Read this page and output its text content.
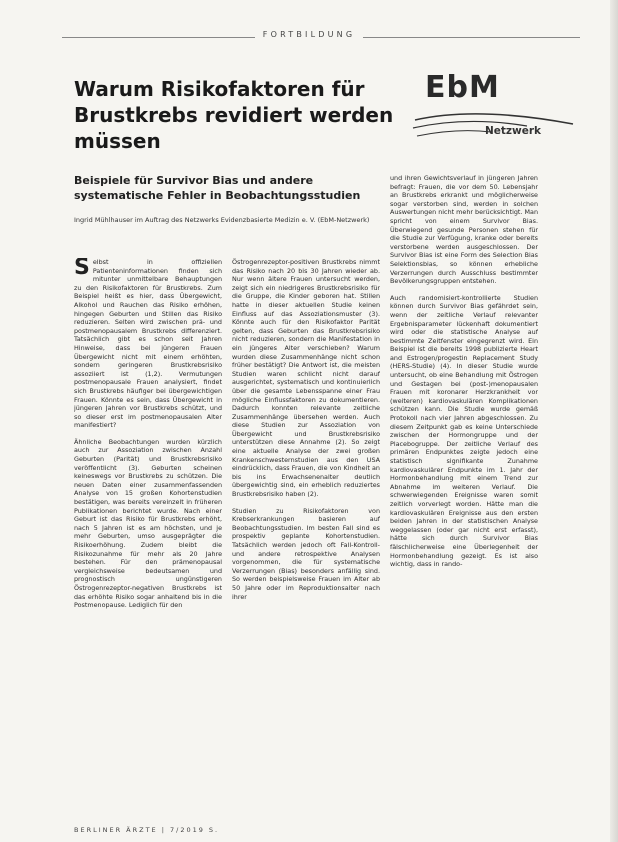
FORTBILDUNG
Warum Risikofaktoren für Brustkrebs revidiert werden müssen
Beispiele für Survivor Bias und andere systematische Fehler in Beobachtungsstudien

Ingrid Mühlhauser im Auftrag des Netzwerks Evidenzbasierte Medizin e. V. (EbM-Netzwerk)

EbM
Netzwerk

Selbst in offiziellen Patienteninformationen finden sich mitunter unmittelbare Behauptungen zu den Risikofaktoren für Brustkrebs. Zum Beispiel heißt es hier, dass Übergewicht, Alkohol und Rauchen das Risiko erhöhen, hingegen Geburten und Stillen das Risiko reduzieren. Selten wird zwischen prä- und postmenopausalem Brustkrebs differenziert. Tatsächlich gibt es schon seit Jahren Hinweise, dass bei jüngeren Frauen Übergewicht nicht mit einem erhöhten, sondern geringeren Brustkrebsrisiko assoziiert ist (1,2). Vermutungen postmenopausale Frauen analysiert, findet sich Brustkrebs häufiger bei übergewichtigen Frauen. Könnte es sein, dass Übergewicht in jüngeren Jahren vor Brustkrebs schützt, und so dieser erst im postmenopausalen Alter manifestiert?

Ähnliche Beobachtungen wurden kürzlich auch zur Assoziation zwischen Anzahl Geburten (Parität) und Brustkrebsrisiko veröffentlicht (3). Geburten scheinen keineswegs vor Brustkrebs zu schützen. Die neuen Daten einer zusammenfassenden Analyse von 15 großen Kohortenstudien bestätigen, was bereits vereinzelt in früheren Publikationen berichtet wurde. Nach einer Geburt ist das Risiko für Brustkrebs erhöht, nach 5 Jahren ist es am höchsten, und je mehr Geburten, umso ausgeprägter die Risikoerhöhung. Zudem bleibt die Risikozunahme für mehr als 20 Jahre bestehen. Für den prämenopausal vergleichsweise bedeutsamen und prognostisch ungünstigeren Östrogenrezeptor-negativen Brustkrebs ist das erhöhte Risiko sogar anhaltend bis in die Postmenopause. Lediglich für den

Östrogenrezeptor-positiven Brustkrebs nimmt das Risiko nach 20 bis 30 Jahren wieder ab. Nur wenn ältere Frauen untersucht werden, zeigt sich ein niedrigeres Brustkrebsrisiko für die Gruppe, die Kinder geboren hat. Stillen hatte in dieser aktuellen Studie keinen Einfluss auf das Assoziationsmuster (3). Könnte auch für den Risikofaktor Parität gelten, dass Geburten das Brustkrebsrisiko nicht reduzieren, sondern die Manifestation in ein jüngeres Alter verschieben? Warum wurden diese Zusammenhänge nicht schon früher bestätigt? Die Antwort ist, die meisten Studien waren schlicht nicht darauf ausgerichtet, systematisch und kontinuierlich über die gesamte Lebensspanne einer Frau mögliche Einflussfaktoren zu dokumentieren. Dadurch konnten relevante zeitliche Zusammenhänge übersehen werden. Auch diese Studien zur Assoziation von Übergewicht und Brustkrebsrisiko unterstützen diese Annahme (2). So zeigt eine aktuelle Analyse der zwei großen Krankenschwesternstudien aus den USA eindrücklich, dass Frauen, die von Kindheit an bis ins Erwachsenenalter deutlich übergewichtig sind, ein erheblich reduziertes Brustkrebsrisiko haben (2).

Studien zu Risikofaktoren von Krebserkrankungen basieren auf Beobachtungsstudien. Im besten Fall sind es prospektiv geplante Kohortenstudien. Tatsächlich werden jedoch oft Fall-Kontroll- und andere retrospektive Analysen vorgenommen, die für systematische Verzerrungen (Bias) besonders anfällig sind. So werden beispielsweise Frauen im Alter ab 50 Jahre oder im Reproduktionsalter nach ihrer

und ihren Gewichtsverlauf in jüngeren Jahren befragt: Frauen, die vor dem 50. Lebensjahr an Brustkrebs erkrankt und möglicherweise sogar verstorben sind, werden in solchen Auswertungen nicht mehr berücksichtigt. Man spricht von einem Survivor Bias. Überwiegend gesunde Personen stehen für die Studie zur Verfügung, kranke oder bereits verstorbene werden ausgeschlossen. Der Survivor Bias ist eine Form des Selection Bias Selektionsbias, so können erhebliche Verzerrungen durch Ausschluss bestimmter Bevölkerungsgruppen entstehen.

Auch randomisiert-kontrollierte Studien können durch Survivor Bias gefährdet sein, wenn der zeitliche Verlauf relevanter Ergebnisparameter lückenhaft dokumentiert wird oder die statistische Analyse auf bestimmte Zeitfenster eingegrenzt wird. Ein Beispiel ist die bereits 1998 publizierte Heart and Estrogen/progestin Replacement Study (HERS-Studie) (4). In dieser Studie wurde untersucht, ob eine Behandlung mit Östrogen und Gestagen bei (post-)menopausalen Frauen mit koronarer Herzkrankheit vor (weiteren) kardiovaskulären Komplikationen schützen kann. Die Studie wurde gemäß Protokoll nach vier Jahren abgeschlossen. Zu diesem Zeitpunkt gab es keine Unterschiede zwischen der Hormongruppe und der Placebogruppe. Der zeitliche Verlauf des primären Endpunktes zeigte jedoch eine statistisch signifikante Zunahme kardiovaskulärer Endpunkte im 1. Jahr der Hormonbehandlung mit einem Trend zur Abnahme im weiteren Verlauf. Die schwerwiegenden Ereignisse waren somit zeitlich vorverlegt worden. Hätte man die kardiovaskulären Ereignisse aus den ersten beiden Jahren in der statistischen Analyse weggelassen (oder gar nicht erst erfasst), hätte sich durch Survivor Bias fälschlicherweise eine Überlegenheit der Hormonbehandlung gezeigt. Es ist also wichtig, dass in rando-

BERLINER ÄRZTE | 7/2019 S.
